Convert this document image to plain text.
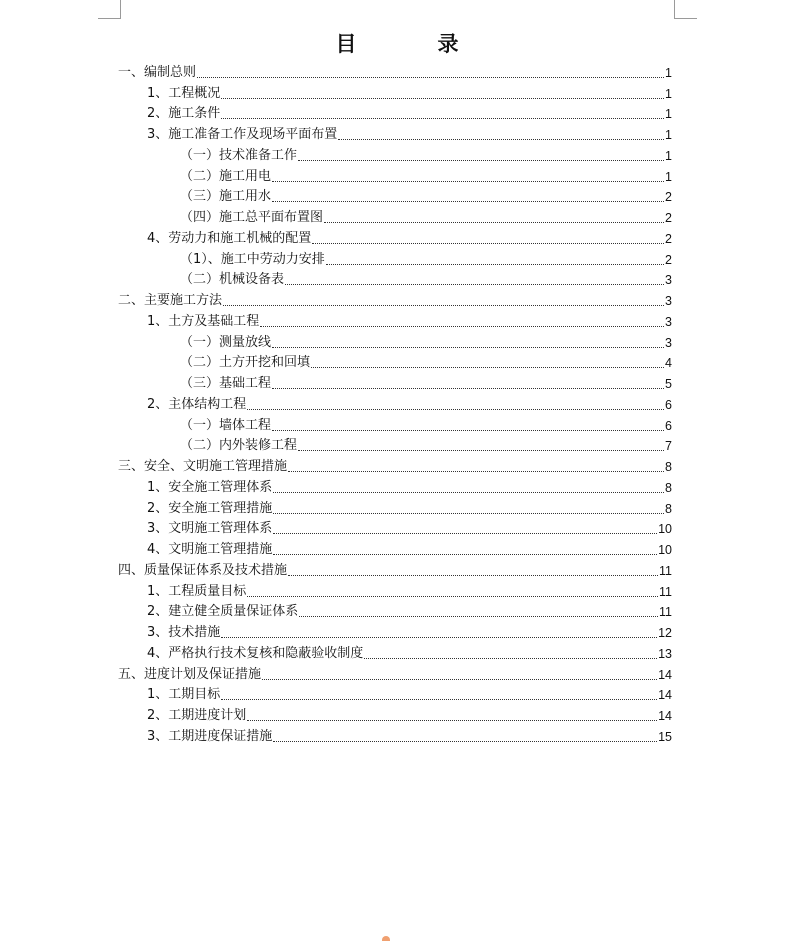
目　录
一、编制总则	1
1、工程概况	1
2、施工条件	1
3、施工准备工作及现场平面布置	1
（一）技术准备工作	1
（二）施工用电	1
（三）施工用水	2
（四）施工总平面布置图	2
4、劳动力和施工机械的配置	2
（1）、施工中劳动力安排	2
（二）机械设备表	3
二、主要施工方法	3
1、土方及基础工程	3
（一）测量放线	3
（二）土方开挖和回填	4
（三）基础工程	5
2、主体结构工程	6
（一）墙体工程	6
（二）内外装修工程	7
三、安全、文明施工管理措施	8
1、安全施工管理体系	8
2、安全施工管理措施	8
3、文明施工管理体系	10
4、文明施工管理措施	10
四、质量保证体系及技术措施	11
1、工程质量目标	11
2、建立健全质量保证体系	11
3、技术措施	12
4、严格执行技术复核和隐蔽验收制度	13
五、进度计划及保证措施	14
1、工期目标	14
2、工期进度计划	14
3、工期进度保证措施	15
